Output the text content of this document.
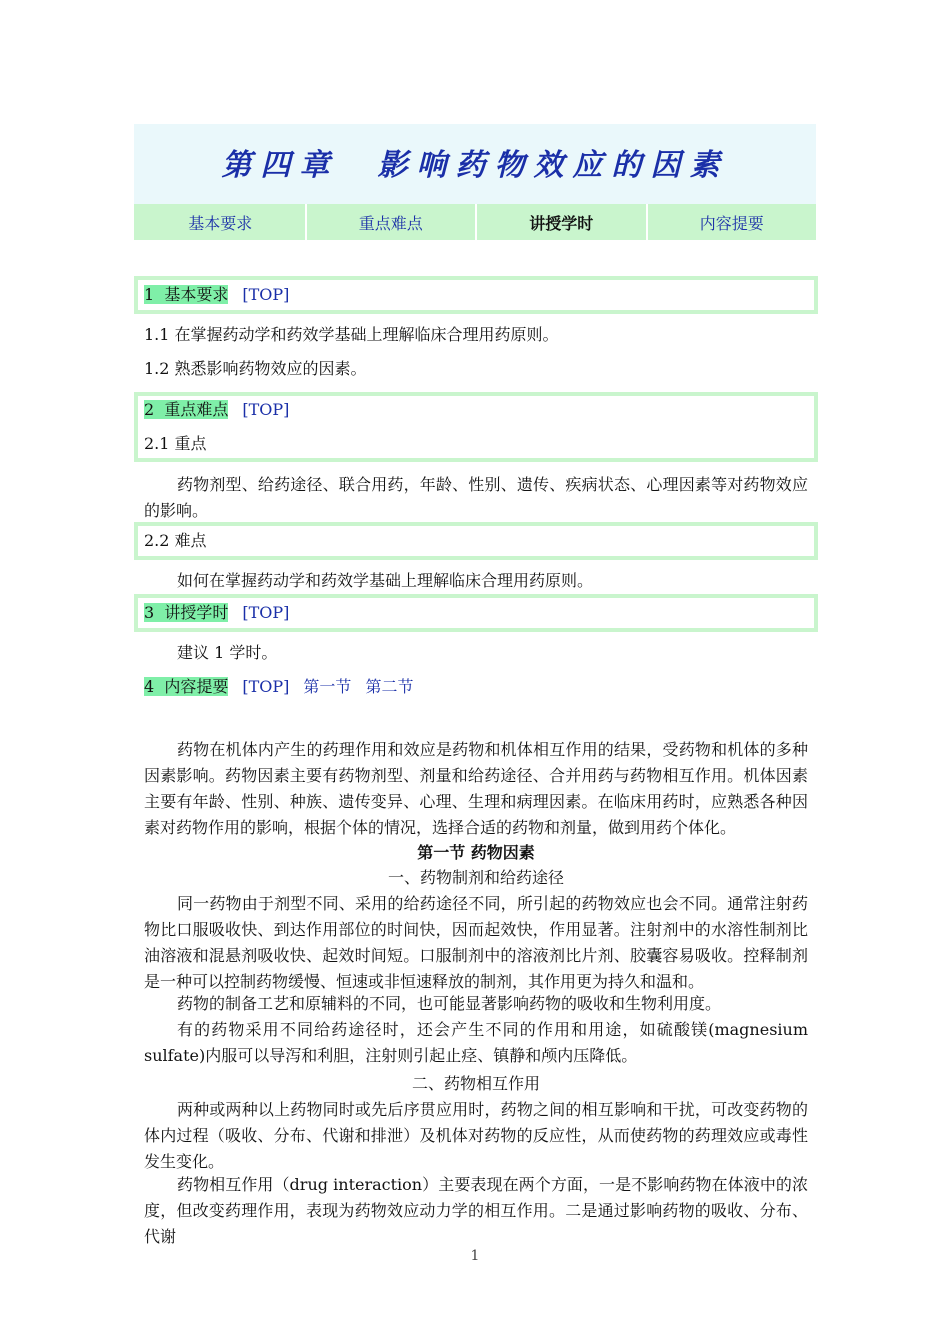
第四章　影响药物效应的因素
基本要求	重点难点	讲授学时	内容提要
1 基本要求 [TOP]
1.1 在掌握药动学和药效学基础上理解临床合理用药原则。
1.2 熟悉影响药物效应的因素。
2 重点难点 [TOP]
2.1 重点
药物剂型、给药途径、联合用药，年龄、性别、遗传、疾病状态、心理因素等对药物效应的影响。
2.2 难点
如何在掌握药动学和药效学基础上理解临床合理用药原则。
3 讲授学时 [TOP]
建议 1 学时。
4 内容提要 [TOP] 第一节 第二节
药物在机体内产生的药理作用和效应是药物和机体相互作用的结果，受药物和机体的多种因素影响。药物因素主要有药物剂型、剂量和给药途径、合并用药与药物相互作用。机体因素主要有年龄、性别、种族、遗传变异、心理、生理和病理因素。在临床用药时，应熟悉各种因素对药物作用的影响，根据个体的情况，选择合适的药物和剂量，做到用药个体化。
第一节 药物因素
一、药物制剂和给药途径
同一药物由于剂型不同、采用的给药途径不同，所引起的药物效应也会不同。通常注射药物比口服吸收快、到达作用部位的时间快，因而起效快，作用显著。注射剂中的水溶性制剂比油溶液和混悬剂吸收快、起效时间短。口服制剂中的溶液剂比片剂、胶囊容易吸收。控释制剂是一种可以控制药物缓慢、恒速或非恒速释放的制剂，其作用更为持久和温和。
药物的制备工艺和原辅料的不同，也可能显著影响药物的吸收和生物利用度。
有的药物采用不同给药途径时，还会产生不同的作用和用途，如硫酸镁(magnesium sulfate)内服可以导泻和利胆，注射则引起止痉、镇静和颅内压降低。
二、药物相互作用
两种或两种以上药物同时或先后序贯应用时，药物之间的相互影响和干扰，可改变药物的体内过程（吸收、分布、代谢和排泄）及机体对药物的反应性，从而使药物的药理效应或毒性发生变化。
药物相互作用（drug interaction）主要表现在两个方面，一是不影响药物在体液中的浓度，但改变药理作用，表现为药物效应动力学的相互作用。二是通过影响药物的吸收、分布、代谢
1
